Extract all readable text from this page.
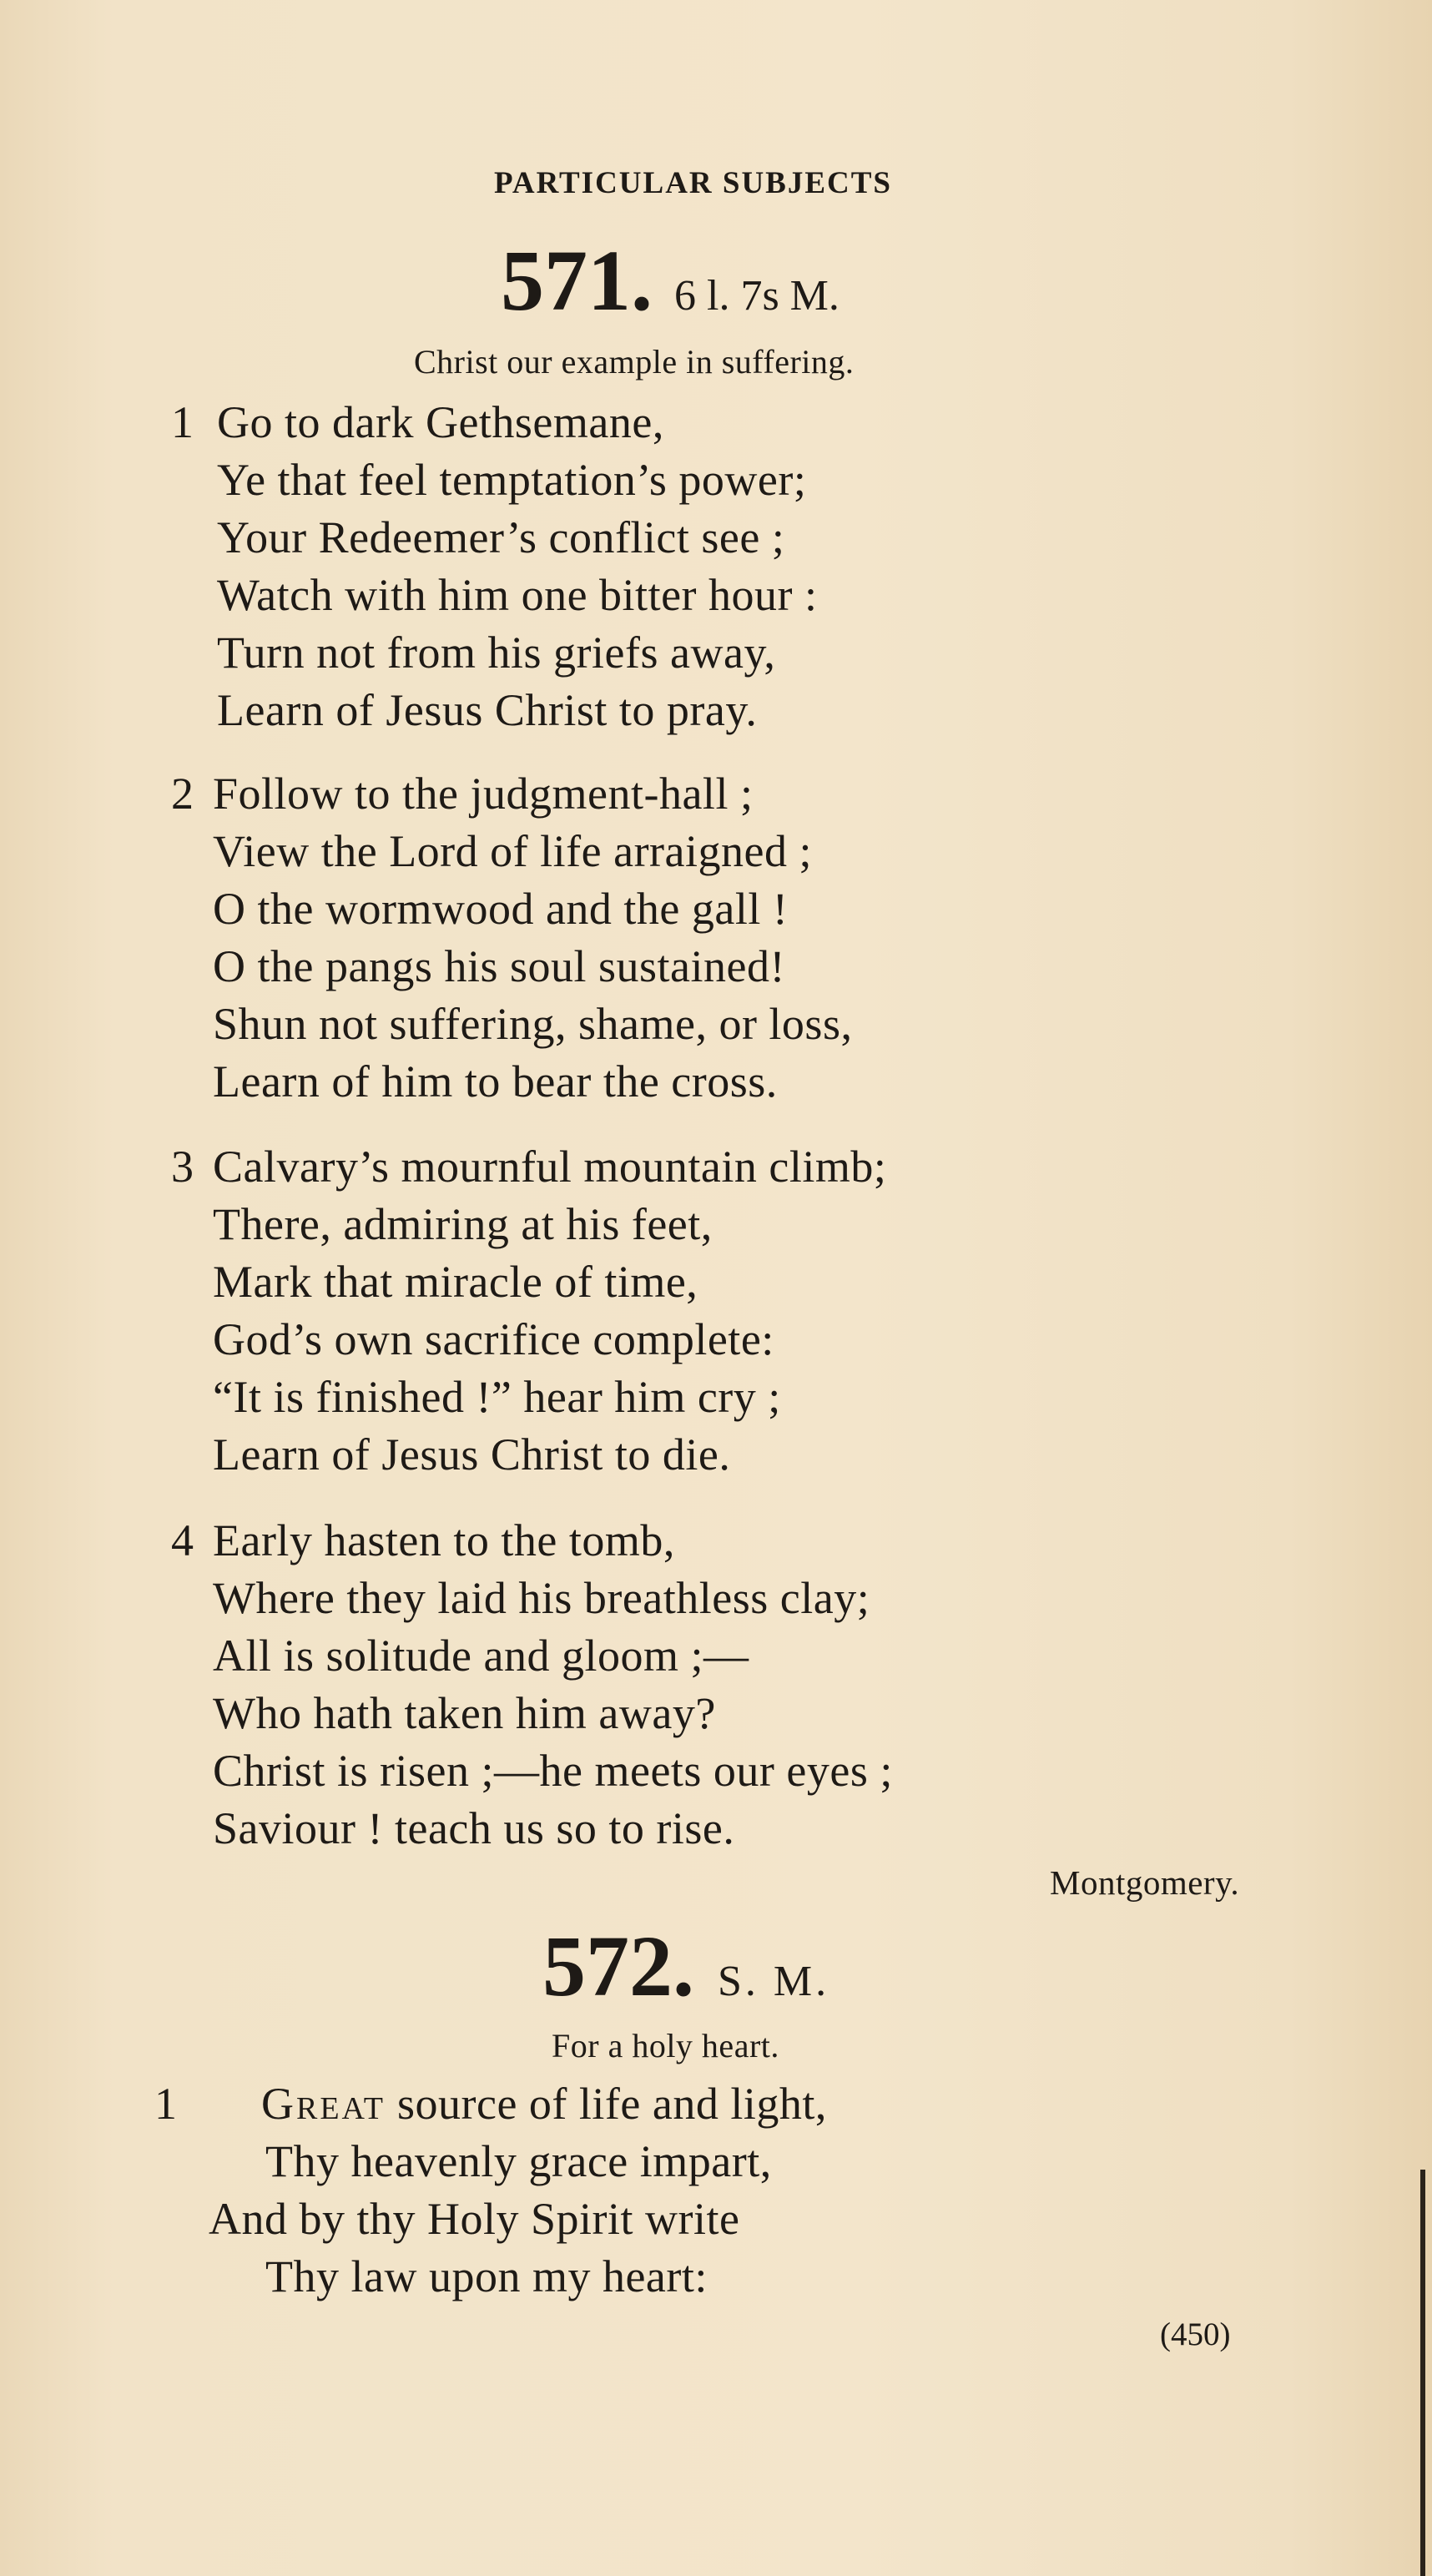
PARTICULAR SUBJECTS
571. 6 l. 7s M.
Christ our example in suffering.
1 Go to dark Gethsemane,
Ye that feel temptation’s power;
Your Redeemer’s conflict see ;
Watch with him one bitter hour :
Turn not from his griefs away,
Learn of Jesus Christ to pray.
2 Follow to the judgment-hall ;
View the Lord of life arraigned ;
O the wormwood and the gall !
O the pangs his soul sustained!
Shun not suffering, shame, or loss,
Learn of him to bear the cross.
3 Calvary’s mournful mountain climb;
There, admiring at his feet,
Mark that miracle of time,
God’s own sacrifice complete:
“It is finished !” hear him cry ;
Learn of Jesus Christ to die.
4 Early hasten to the tomb,
Where they laid his breathless clay;
All is solitude and gloom ;—
Who hath taken him away?
Christ is risen ;—he meets our eyes ;
Saviour ! teach us so to rise.
Montgomery.
572. S. M.
For a holy heart.
1 Great source of life and light,
Thy heavenly grace impart,
And by thy Holy Spirit write
Thy law upon my heart:
(450)
